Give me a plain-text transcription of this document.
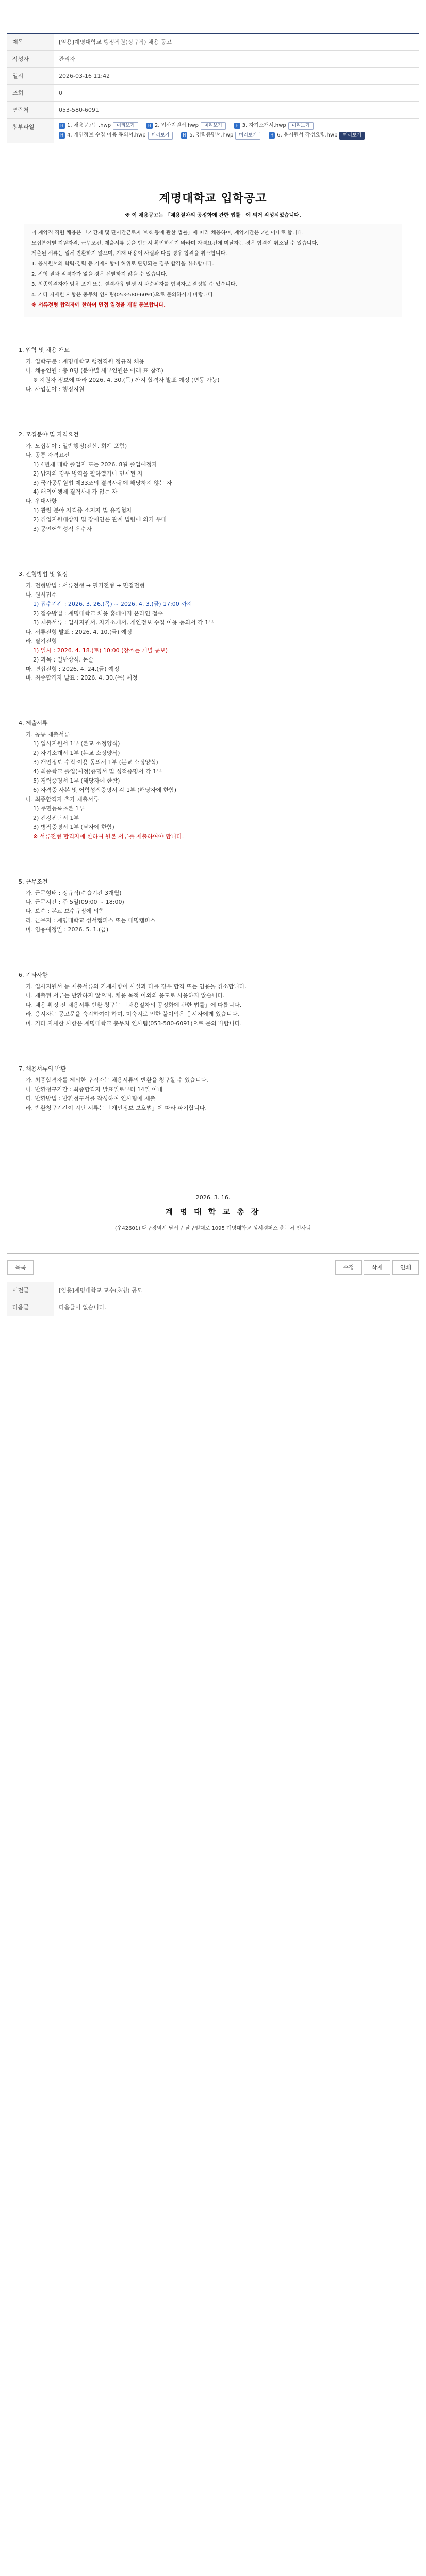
제목	[임용]계명대학교 행정직원(정규직) 채용 공고
작성자	관리자
일시	2026-03-16 11:42
조회	0
연락처	053-580-6091
첨부파일	H 1. 채용공고문.hwp	미리보기	H 2. 입사지원서.hwp	미리보기	H 3. 자기소개서.hwp	미리보기
H 4. 개인정보 수집 이용 동의서.hwp	미리보기	H 5. 경력증명서.hwp	미리보기	H 6. 응시원서 작성요령.hwp	미리보기
계명대학교 입학공고
※ 이 채용공고는 「채용절차의 공정화에 관한 법률」에 의거 작성되었습니다.

이 계약직 직원 채용은 「기간제 및 단시간근로자 보호 등에 관한 법률」에 따라 채용하며, 계약기간은 2년 이내로 합니다.

모집분야별 지원자격, 근무조건, 제출서류 등을 반드시 확인하시기 바라며 자격요건에 미달하는 경우 합격이 취소될 수 있습니다.

제출된 서류는 일체 반환하지 않으며, 기재 내용이 사실과 다를 경우 합격을 취소합니다.

1. 응시원서의 학력·경력 등 기재사항이 허위로 판명되는 경우 합격을 취소합니다.

2. 전형 결과 적격자가 없을 경우 선발하지 않을 수 있습니다.

3. 최종합격자가 임용 포기 또는 결격사유 발생 시 차순위자를 합격자로 결정할 수 있습니다.

4. 기타 자세한 사항은 총무처 인사팀(053-580-6091)으로 문의하시기 바랍니다.

※ 서류전형 합격자에 한하여 면접 일정을 개별 통보합니다.

1. 입학 및 채용 개요
가. 입학구분 : 계명대학교 행정직원 정규직 채용
나. 채용인원 : 총 0명 (분야별 세부인원은 아래 표 참조)
※ 지원자 정보에 따라 2026. 4. 30.(목) 까지 합격자 발표 예정 (변동 가능)
다. 사업분야 : 행정지원
2. 모집분야 및 자격요건
가. 모집분야 : 일반행정(전산, 회계 포함)
나. 공통 자격요건
1) 4년제 대학 졸업자 또는 2026. 8월 졸업예정자
2) 남자의 경우 병역을 필하였거나 면제된 자
3) 국가공무원법 제33조의 결격사유에 해당하지 않는 자
4) 해외여행에 결격사유가 없는 자
다. 우대사항
1) 관련 분야 자격증 소지자 및 유경험자
2) 취업지원대상자 및 장애인은 관계 법령에 의거 우대
3) 공인어학성적 우수자
3. 전형방법 및 일정
가. 전형방법 : 서류전형 → 필기전형 → 면접전형
나. 원서접수
1) 접수기간 : 2026. 3. 26.(목) ~ 2026. 4. 3.(금) 17:00 까지
2) 접수방법 : 계명대학교 채용 홈페이지 온라인 접수
3) 제출서류 : 입사지원서, 자기소개서, 개인정보 수집 이용 동의서 각 1부
다. 서류전형 발표 : 2026. 4. 10.(금) 예정
라. 필기전형
1) 일시 : 2026. 4. 18.(토) 10:00 (장소는 개별 통보)
2) 과목 : 일반상식, 논술
마. 면접전형 : 2026. 4. 24.(금) 예정
바. 최종합격자 발표 : 2026. 4. 30.(목) 예정
4. 제출서류
가. 공통 제출서류
1) 입사지원서 1부 (본교 소정양식)
2) 자기소개서 1부 (본교 소정양식)
3) 개인정보 수집·이용 동의서 1부 (본교 소정양식)
4) 최종학교 졸업(예정)증명서 및 성적증명서 각 1부
5) 경력증명서 1부 (해당자에 한함)
6) 자격증 사본 및 어학성적증명서 각 1부 (해당자에 한함)
나. 최종합격자 추가 제출서류
1) 주민등록초본 1부
2) 건강진단서 1부
3) 병적증명서 1부 (남자에 한함)
※ 서류전형 합격자에 한하여 원본 서류를 제출하여야 합니다.
5. 근무조건
가. 근무형태 : 정규직(수습기간 3개월)
나. 근무시간 : 주 5일(09:00 ~ 18:00)
다. 보수 : 본교 보수규정에 의함
라. 근무지 : 계명대학교 성서캠퍼스 또는 대명캠퍼스
마. 임용예정일 : 2026. 5. 1.(금)
6. 기타사항
가. 입사지원서 등 제출서류의 기재사항이 사실과 다를 경우 합격 또는 임용을 취소합니다.
나. 제출된 서류는 반환하지 않으며, 채용 목적 이외의 용도로 사용하지 않습니다.
다. 채용 확정 전 채용서류 반환 청구는 「채용절차의 공정화에 관한 법률」에 따릅니다.
라. 응시자는 공고문을 숙지하여야 하며, 미숙지로 인한 불이익은 응시자에게 있습니다.
마. 기타 자세한 사항은 계명대학교 총무처 인사팀(053-580-6091)으로 문의 바랍니다.
7. 채용서류의 반환
가. 최종합격자를 제외한 구직자는 채용서류의 반환을 청구할 수 있습니다.
나. 반환청구기간 : 최종합격자 발표일로부터 14일 이내
다. 반환방법 : 반환청구서를 작성하여 인사팀에 제출
라. 반환청구기간이 지난 서류는 「개인정보 보호법」에 따라 파기합니다.
2026. 3. 16.
계 명 대 학 교 총 장
(우42601) 대구광역시 달서구 달구벌대로 1095 계명대학교 성서캠퍼스 총무처 인사팀
목록	수정	삭제	인쇄
이전글	[임용]계명대학교 교수(초빙) 공모
다음글	다음글이 없습니다.
